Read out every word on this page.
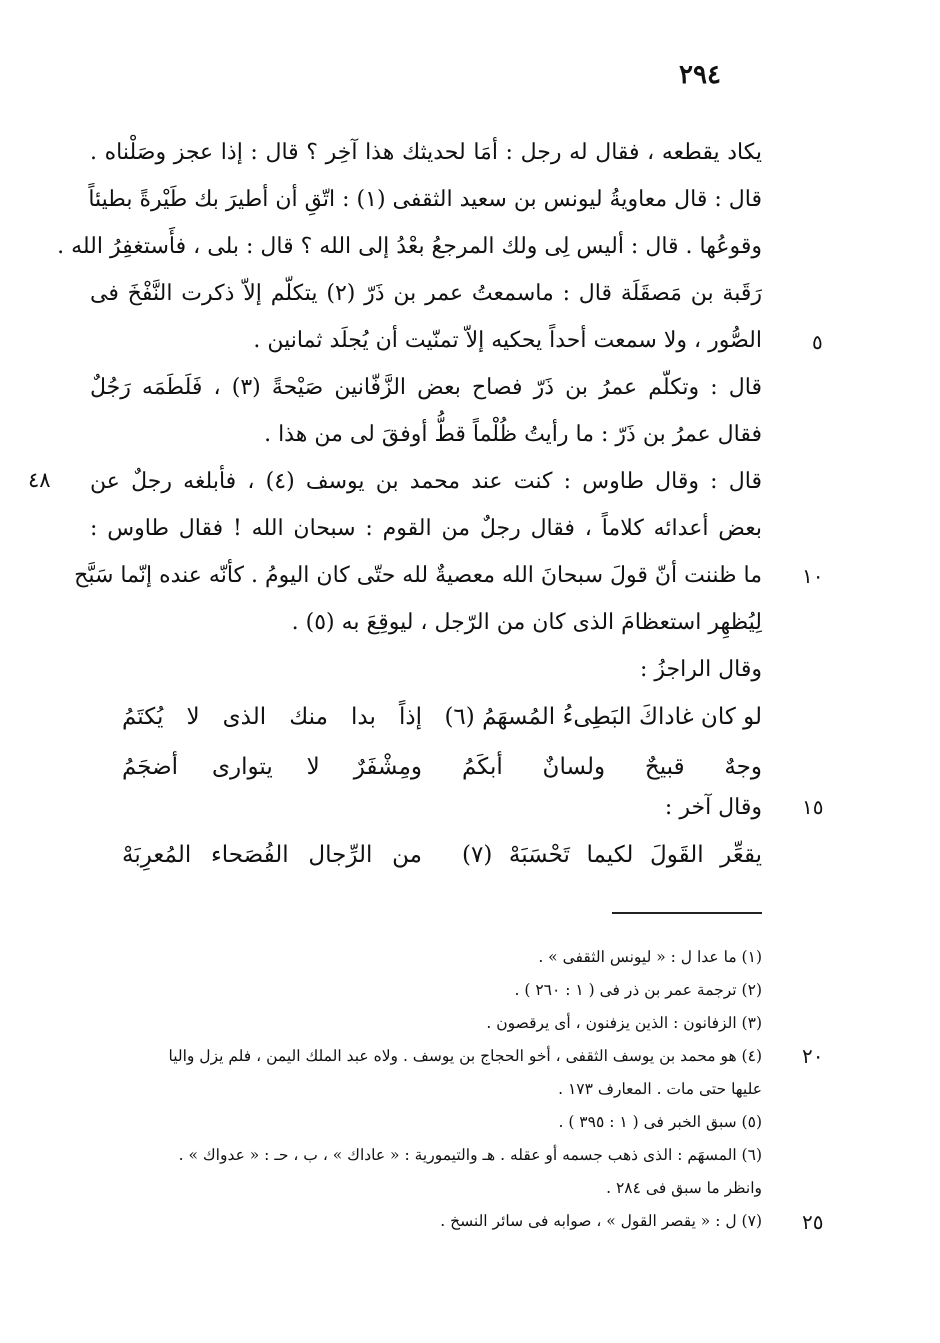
٢٩٤
يكاد يقطعه ، فقال له رجل : أمَا لحديثك هذا آخِر ؟ قال : إذا عجز وصَلْناه .
قال : قال معاويةُ ليونس بن سعيد الثقفى (١) : اتّقِ أن أطيرَ بك طَيْرةً بطيئاً
وقوعُها . قال : أليس لِى ولك المرجعُ بعْدُ إلى الله ؟ قال : بلى ، فأَستغفِرُ الله .
رَقَبة بن مَصقَلَة قال : ماسمعتُ عمر بن ذَرّ (٢) يتكلّم إلاّ ذكرت النَّفْخَ فى
الصُّور ، ولا سمعت أحداً يحكيه إلاّ تمنّيت أن يُجلَد ثمانين .
قال : وتكلّم عمرُ بن ذَرّ فصاح بعض الزَّفّانين صَيْحةً (٣) ، فَلَطَمَه رَجُلٌ
فقال عمرُ بن ذَرّ : ما رأيتُ ظُلْماً قطُّ أوفقَ لى من هذا .
قال : وقال طاوس : كنت عند محمد بن يوسف (٤) ، فأبلغه رجلٌ عن
بعض أعدائه كلاماً ، فقال رجلٌ من القوم : سبحان الله ! فقال طاوس :
ما ظننت أنّ قولَ سبحانَ الله معصيةٌ لله حتّى كان اليومُ . كأنّه عنده إنّما سَبَّح
لِيُظهِر استعظامَ الذى كان من الرّجل ، ليوقِعَ به (٥) .
وقال الراجزُ :
لو كان غاداكَ البَطِىءُ المُسهَمُ (٦)
إذاً بدا منك الذى لا يُكتَمُ
وجهٌ قبيحٌ ولسانٌ أبكَمُ
ومِشْفَرٌ لا يتوارى أضجَمُ
وقال آخر :
يقعِّر القَولَ لكيما تَحْسَبَهْ (٧)
من الرِّجال الفُصَحاء المُعرِبَهْ
٥
١٠
١٥
٤٨
(١) ما عدا ل : « ليونس الثقفى » .
(٢) ترجمة عمر بن ذر فى ( ١ : ٢٦٠ ) .
(٣) الزفانون : الذين يزفنون ، أى يرقصون .
(٤) هو محمد بن يوسف الثقفى ، أخو الحجاج بن يوسف . ولاه عبد الملك اليمن ، فلم يزل واليا
عليها حتى مات . المعارف ١٧٣ .
(٥) سبق الخبر فى ( ١ : ٣٩٥ ) .
(٦) المسهَم : الذى ذهب جسمه أو عقله . هـ والتيمورية : « عاداك » ، ب ، حـ : « عدواك » .
وانظر ما سبق فى ٢٨٤ .
(٧) ل : « يقصر القول » ، صوابه فى سائر النسخ .
٢٠
٢٥
